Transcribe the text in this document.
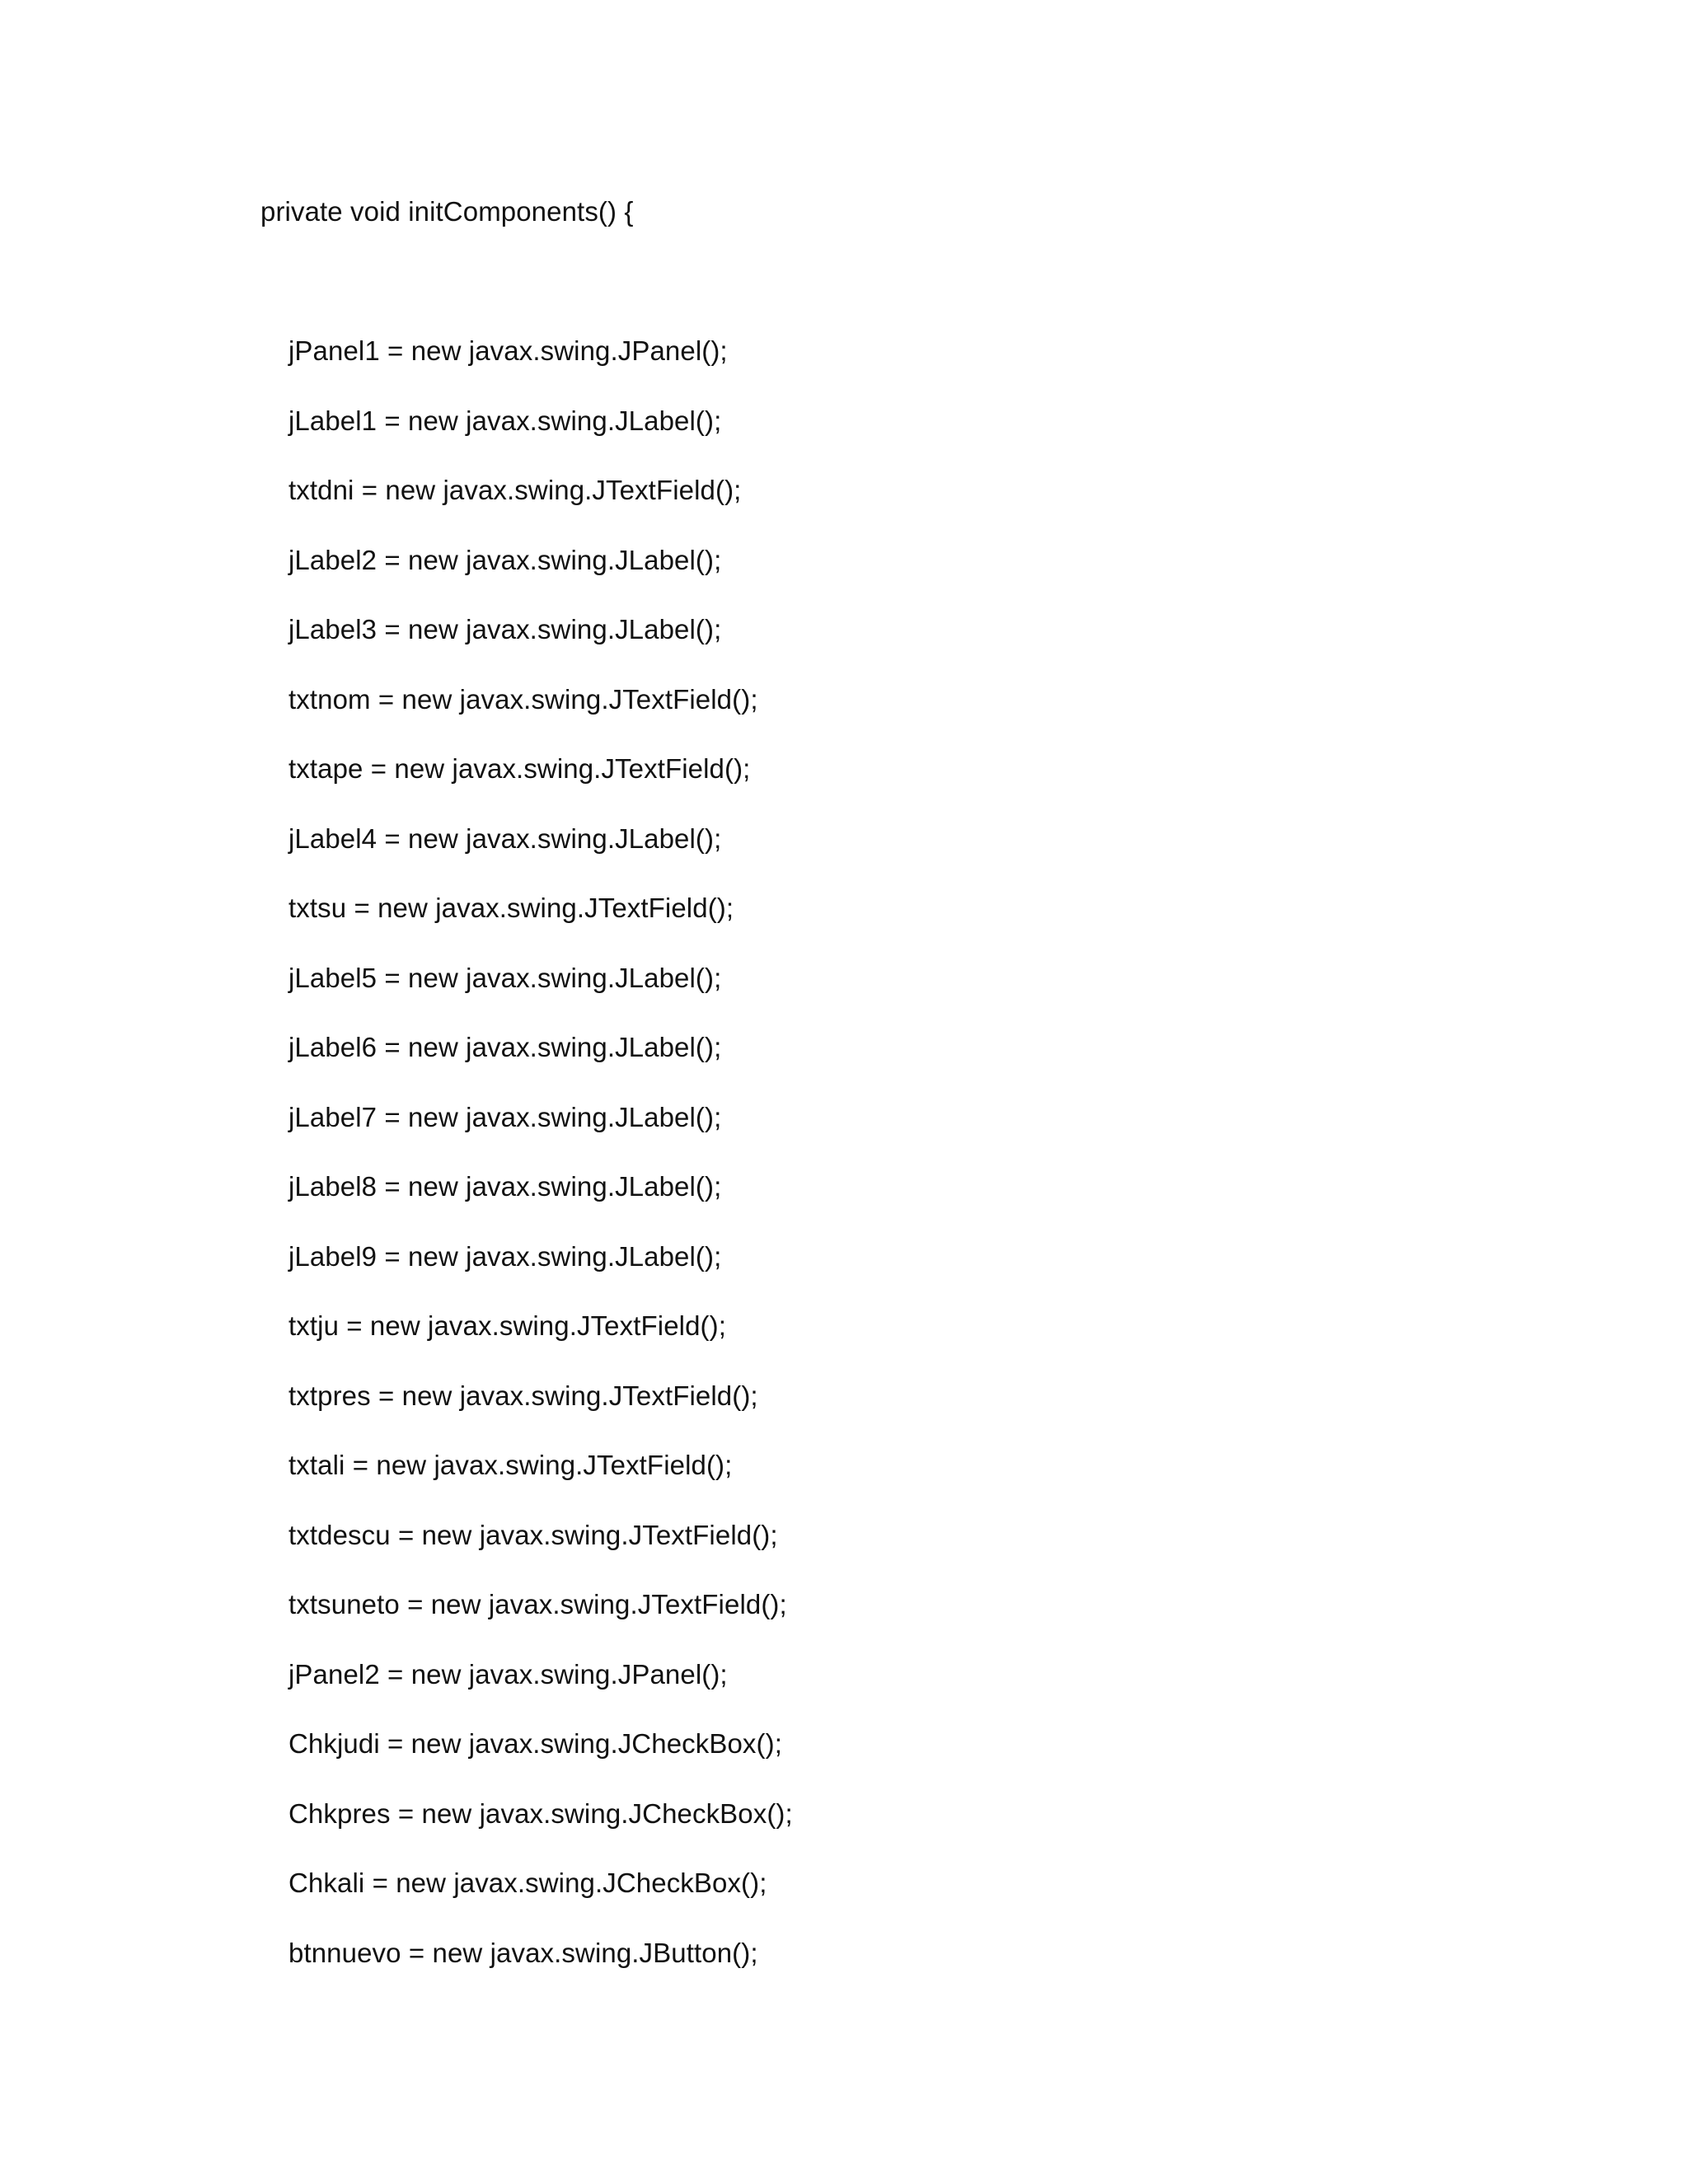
private void initComponents() {
jPanel1 = new javax.swing.JPanel();
jLabel1 = new javax.swing.JLabel();
txtdni = new javax.swing.JTextField();
jLabel2 = new javax.swing.JLabel();
jLabel3 = new javax.swing.JLabel();
txtnom = new javax.swing.JTextField();
txtape = new javax.swing.JTextField();
jLabel4 = new javax.swing.JLabel();
txtsu = new javax.swing.JTextField();
jLabel5 = new javax.swing.JLabel();
jLabel6 = new javax.swing.JLabel();
jLabel7 = new javax.swing.JLabel();
jLabel8 = new javax.swing.JLabel();
jLabel9 = new javax.swing.JLabel();
txtju = new javax.swing.JTextField();
txtpres = new javax.swing.JTextField();
txtali = new javax.swing.JTextField();
txtdescu = new javax.swing.JTextField();
txtsuneto = new javax.swing.JTextField();
jPanel2 = new javax.swing.JPanel();
Chkjudi = new javax.swing.JCheckBox();
Chkpres = new javax.swing.JCheckBox();
Chkali = new javax.swing.JCheckBox();
btnnuevo = new javax.swing.JButton();
